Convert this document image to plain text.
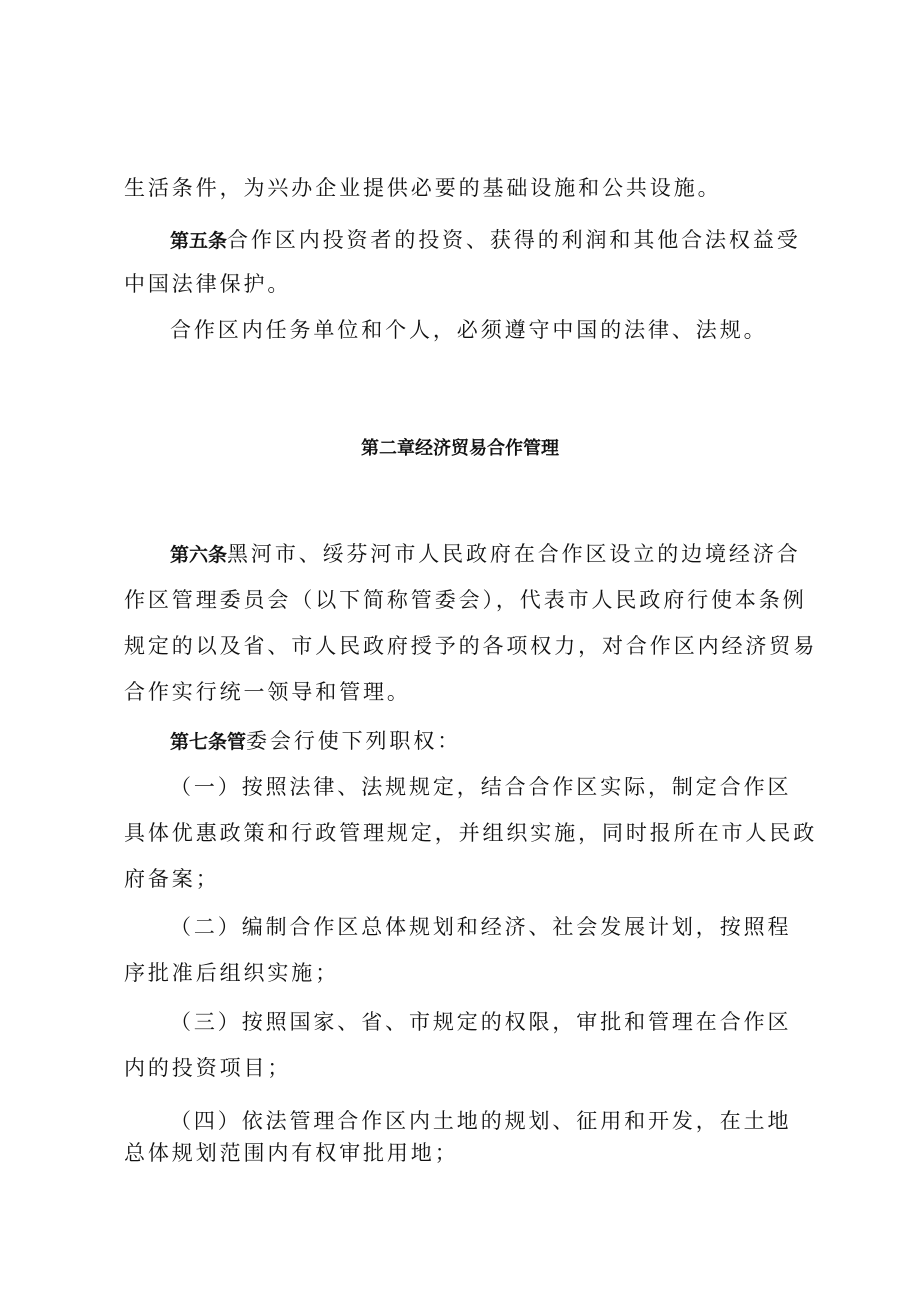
生活条件，为兴办企业提供必要的基础设施和公共设施。
第五条合作区内投资者的投资、获得的利润和其他合法权益受
中国法律保护。
合作区内任务单位和个人，必须遵守中国的法律、法规。
第二章经济贸易合作管理
第六条黑河市、绥芬河市人民政府在合作区设立的边境经济合
作区管理委员会（以下简称管委会），代表市人民政府行使本条例
规定的以及省、市人民政府授予的各项权力，对合作区内经济贸易
合作实行统一领导和管理。
第七条管委会行使下列职权：
（一）按照法律、法规规定，结合合作区实际，制定合作区
具体优惠政策和行政管理规定，并组织实施，同时报所在市人民政
府备案；
（二）编制合作区总体规划和经济、社会发展计划，按照程
序批准后组织实施；
（三）按照国家、省、市规定的权限，审批和管理在合作区
内的投资项目；
（四）依法管理合作区内土地的规划、征用和开发，在土地
总体规划范围内有权审批用地；
